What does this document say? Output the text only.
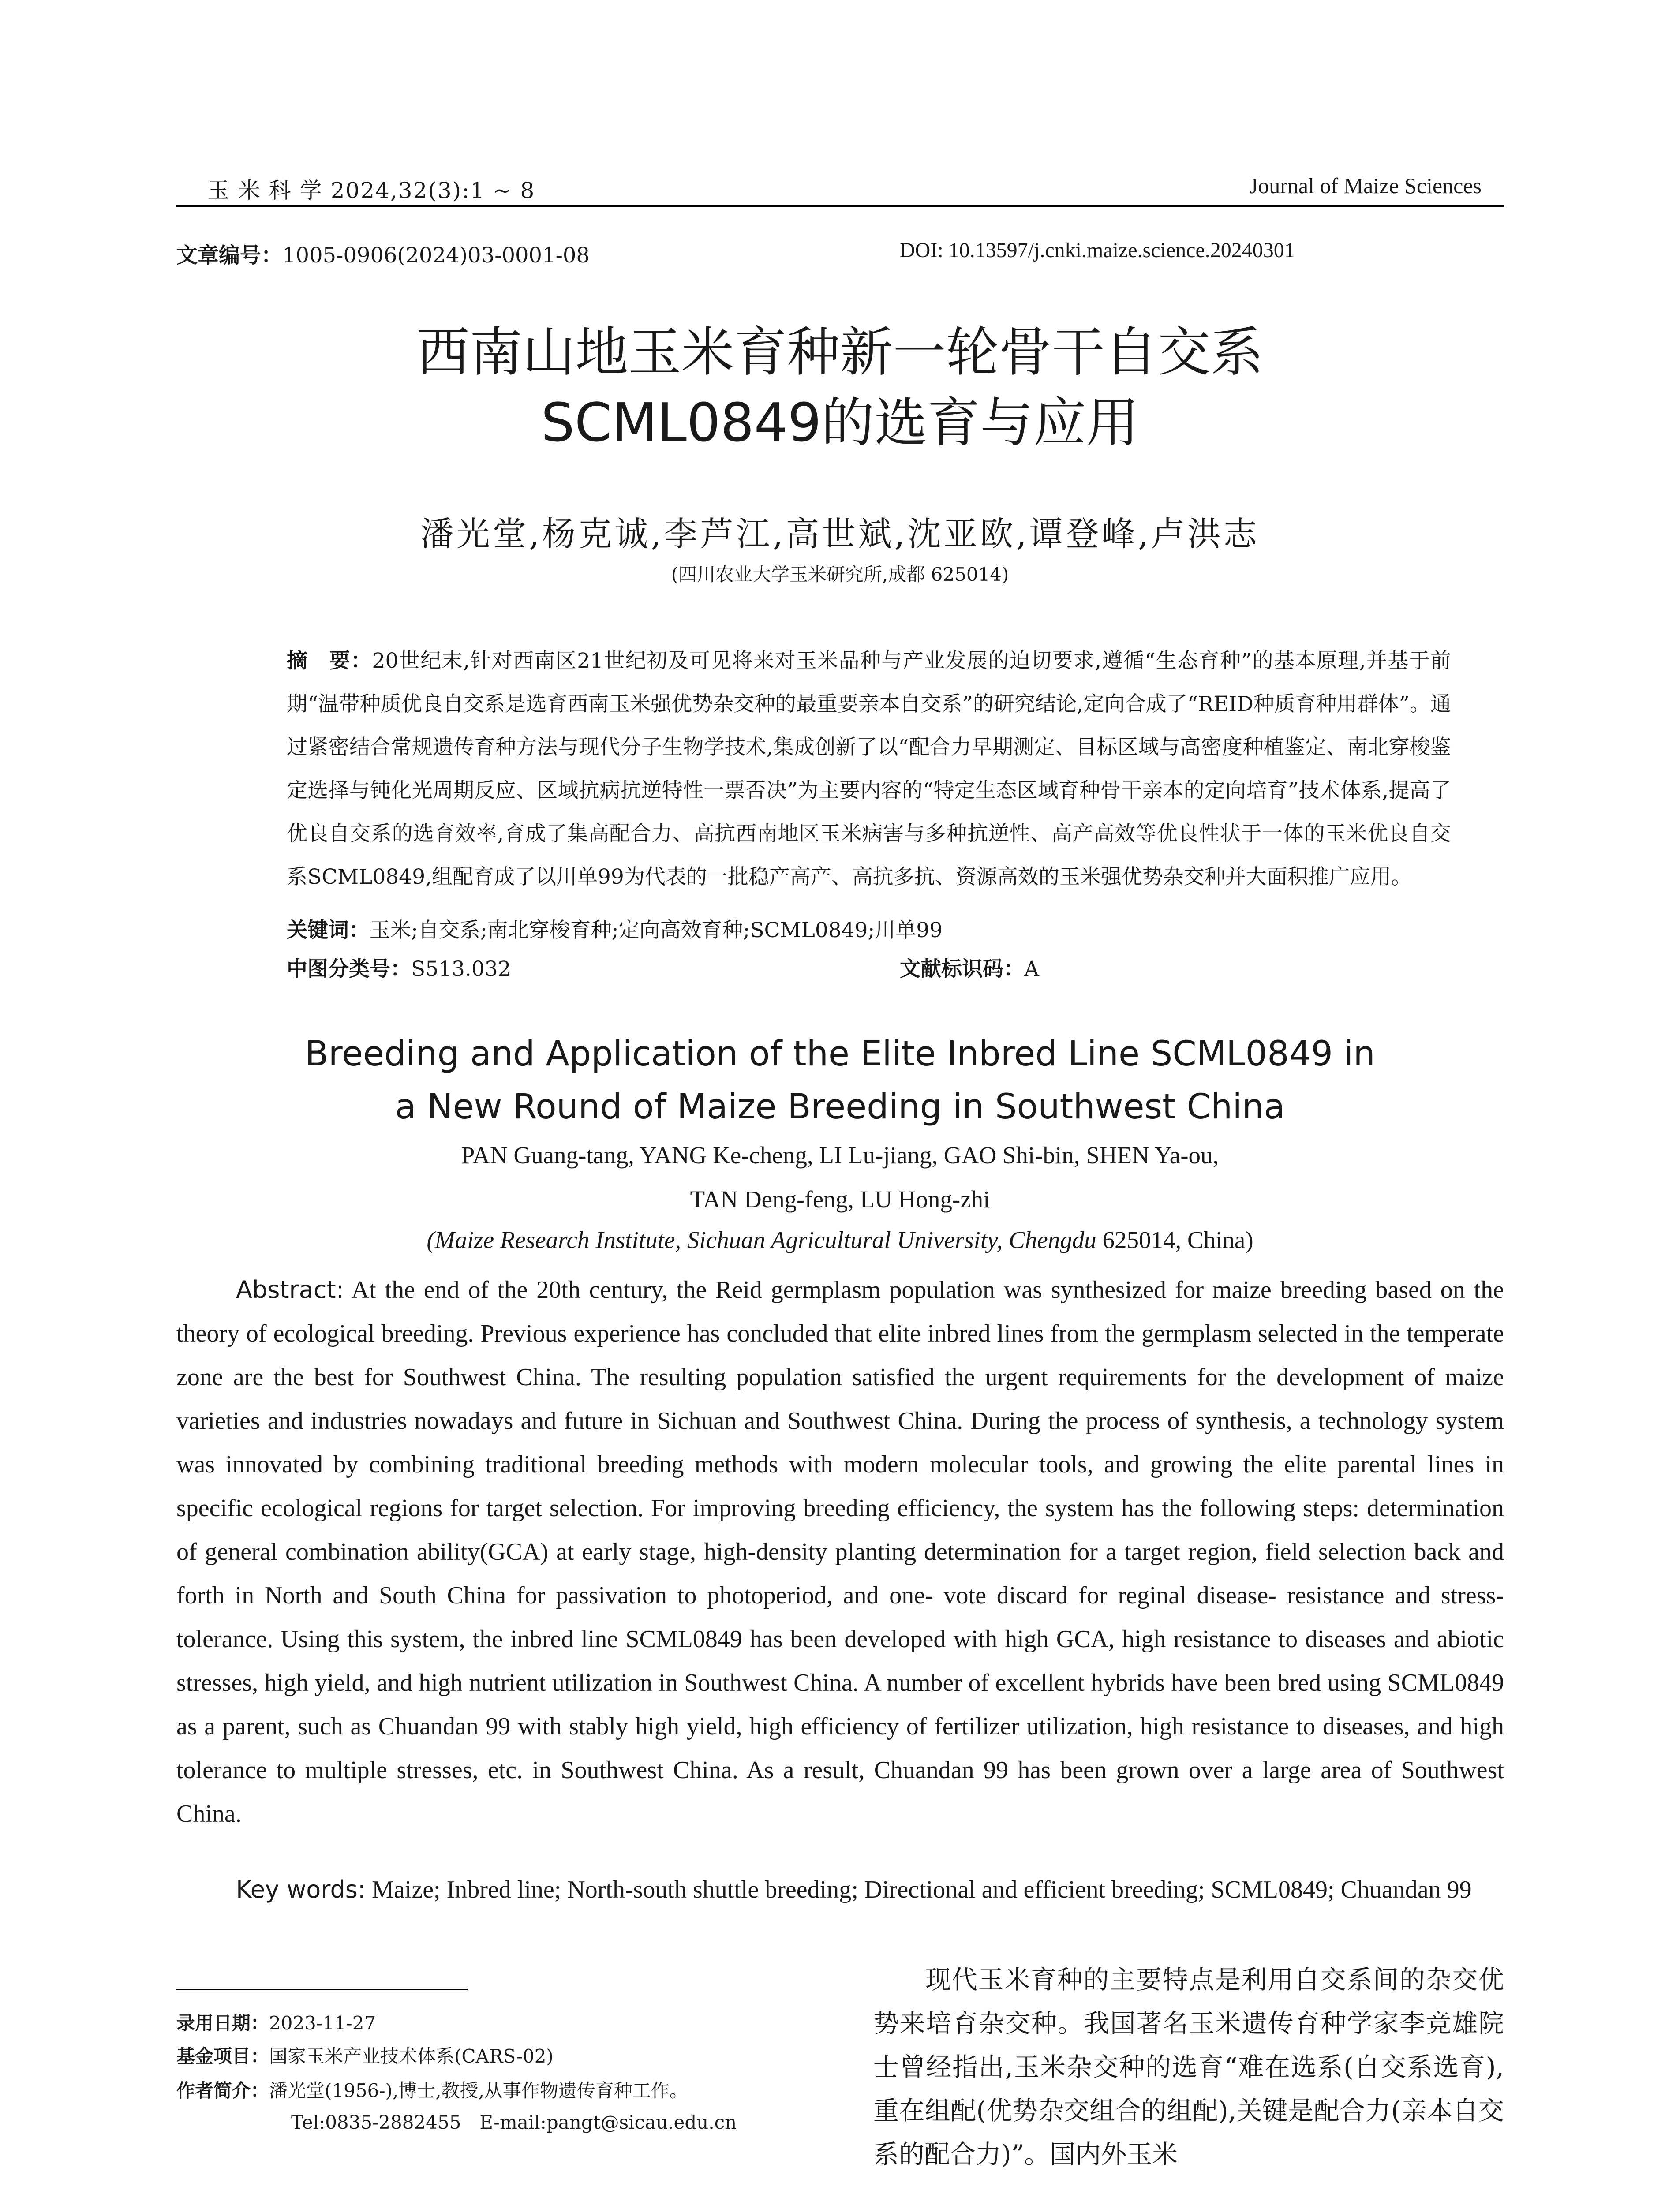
玉 米 科 学 2024,32(3):1 ~ 8	Journal of Maize Sciences
文章编号：1005-0906(2024)03-0001-08	DOI: 10.13597/j.cnki.maize.science.20240301
西南山地玉米育种新一轮骨干自交系
SCML0849的选育与应用
潘光堂,杨克诚,李芦江,高世斌,沈亚欧,谭登峰,卢洪志
(四川农业大学玉米研究所,成都 625014)
摘　要：20世纪末,针对西南区21世纪初及可见将来对玉米品种与产业发展的迫切要求,遵循“生态育种”的基本原理,并基于前期“温带种质优良自交系是选育西南玉米强优势杂交种的最重要亲本自交系”的研究结论,定向合成了“REID种质育种用群体”。通过紧密结合常规遗传育种方法与现代分子生物学技术,集成创新了以“配合力早期测定、目标区域与高密度种植鉴定、南北穿梭鉴定选择与钝化光周期反应、区域抗病抗逆特性一票否决”为主要内容的“特定生态区域育种骨干亲本的定向培育”技术体系,提高了优良自交系的选育效率,育成了集高配合力、高抗西南地区玉米病害与多种抗逆性、高产高效等优良性状于一体的玉米优良自交系SCML0849,组配育成了以川单99为代表的一批稳产高产、高抗多抗、资源高效的玉米强优势杂交种并大面积推广应用。
关键词：玉米;自交系;南北穿梭育种;定向高效育种;SCML0849;川单99
中图分类号：S513.032	文献标识码：A
Breeding and Application of the Elite Inbred Line SCML0849 in
a New Round of Maize Breeding in Southwest China
PAN Guang-tang, YANG Ke-cheng, LI Lu-jiang, GAO Shi-bin, SHEN Ya-ou,
TAN Deng-feng, LU Hong-zhi
(Maize Research Institute, Sichuan Agricultural University, Chengdu 625014, China)
Abstract: At the end of the 20th century, the Reid germplasm population was synthesized for maize breeding based on the theory of ecological breeding. Previous experience has concluded that elite inbred lines from the germplasm selected in the temperate zone are the best for Southwest China. The resulting population satisfied the urgent requirements for the development of maize varieties and industries nowadays and future in Sichuan and Southwest China. During the process of synthesis, a technology system was innovated by combining traditional breeding methods with modern molecular tools, and growing the elite parental lines in specific ecological regions for target selection. For improving breeding efficiency, the system has the following steps: determination of general combination ability(GCA) at early stage, high-density planting determination for a target region, field selection back and forth in North and South China for passivation to photoperiod, and one- vote discard for reginal disease- resistance and stress-tolerance. Using this system, the inbred line SCML0849 has been developed with high GCA, high resistance to diseases and abiotic stresses, high yield, and high nutrient utilization in Southwest China. A number of excellent hybrids have been bred using SCML0849 as a parent, such as Chuandan 99 with stably high yield, high efficiency of fertilizer utilization, high resistance to diseases, and high tolerance to multiple stresses, etc. in Southwest China. As a result, Chuandan 99 has been grown over a large area of Southwest China.
Key words: Maize; Inbred line; North-south shuttle breeding; Directional and efficient breeding; SCML0849; Chuandan 99
录用日期：2023-11-27
基金项目：国家玉米产业技术体系(CARS-02)
作者简介：潘光堂(1956-),博士,教授,从事作物遗传育种工作。
Tel:0835-2882455　E-mail:pangt@sicau.edu.cn
现代玉米育种的主要特点是利用自交系间的杂交优势来培育杂交种。我国著名玉米遗传育种学家李竞雄院士曾经指出,玉米杂交种的选育“难在选系(自交系选育),重在组配(优势杂交组合的组配),关键是配合力(亲本自交系的配合力)”。国内外玉米
